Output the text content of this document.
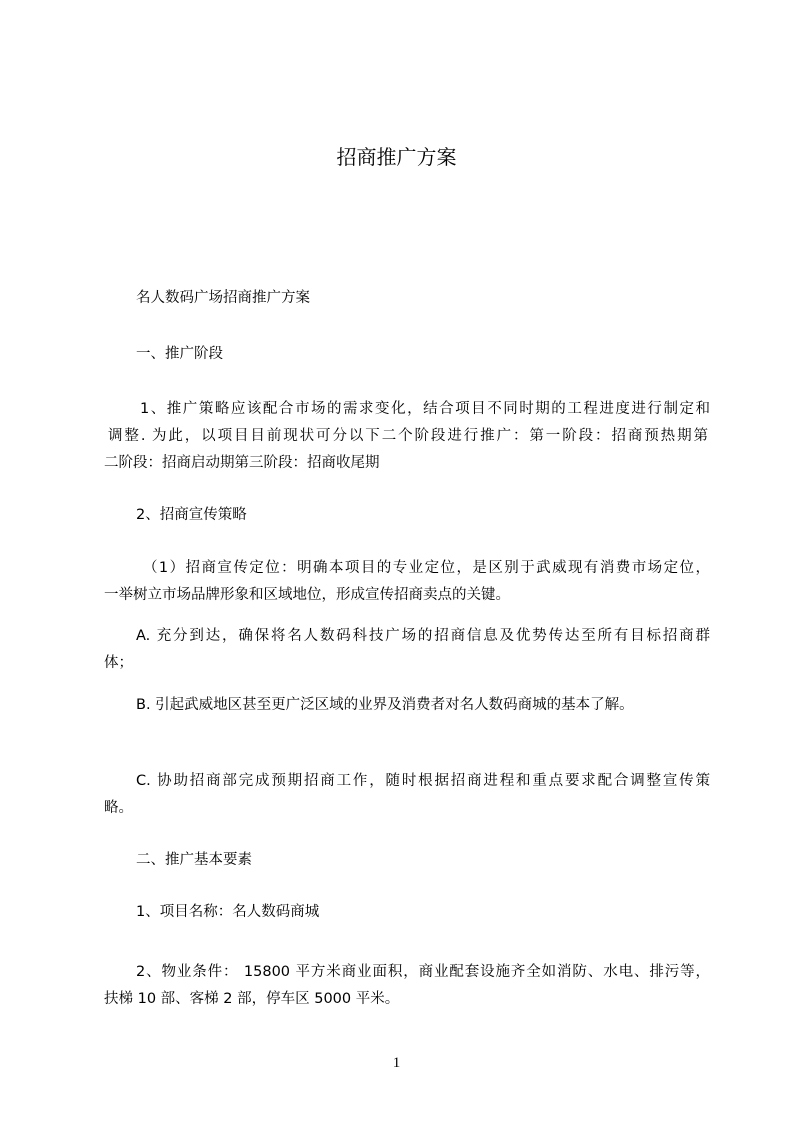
招商推广方案
名人数码广场招商推广方案
一、推广阶段
1、推广策略应该配合市场的需求变化，结合项目不同时期的工程进度进行制定和
调整. 为此，以项目目前现状可分以下二个阶段进行推广：第一阶段：招商预热期第
二阶段：招商启动期第三阶段：招商收尾期
2、招商宣传策略
（1）招商宣传定位：明确本项目的专业定位，是区别于武威现有消费市场定位，
一举树立市场品牌形象和区域地位，形成宣传招商卖点的关键。
A. 充分到达，确保将名人数码科技广场的招商信息及优势传达至所有目标招商群
体；
B. 引起武威地区甚至更广泛区域的业界及消费者对名人数码商城的基本了解。
C. 协助招商部完成预期招商工作，随时根据招商进程和重点要求配合调整宣传策
略。
二、推广基本要素
1、项目名称：名人数码商城
2、物业条件： 15800 平方米商业面积，商业配套设施齐全如消防、水电、排污等，
扶梯 10 部、客梯 2 部，停车区 5000 平米。
1
